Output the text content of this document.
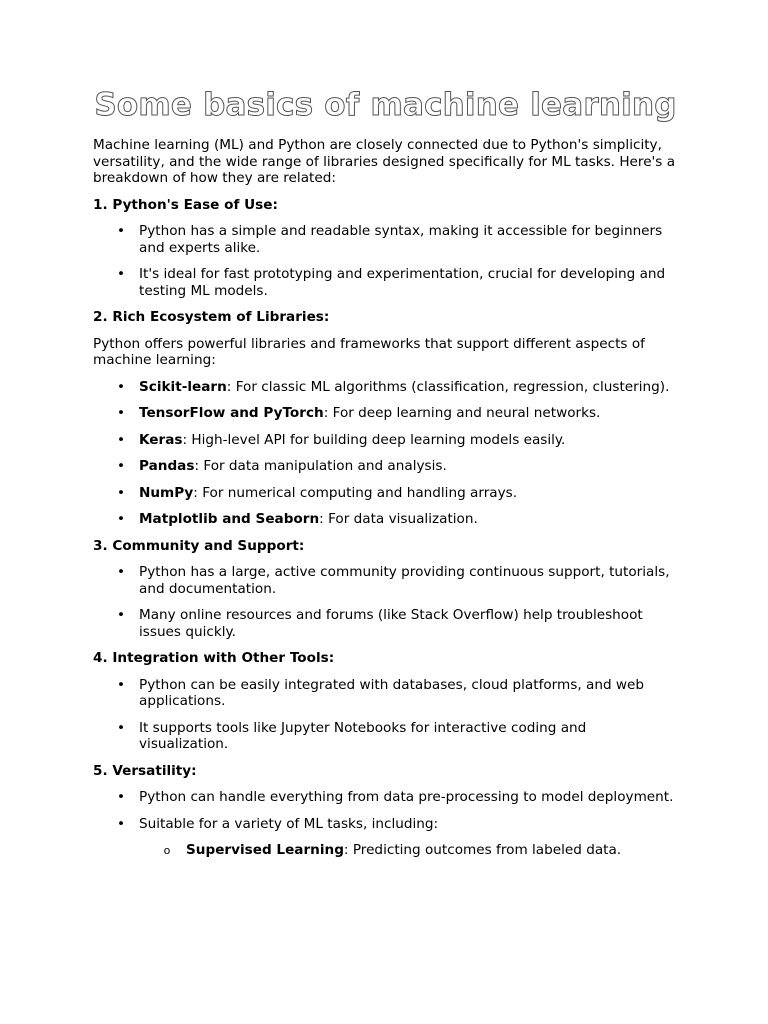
Some basics of machine learning

Machine learning (ML) and Python are closely connected due to Python's simplicity, versatility, and the wide range of libraries designed specifically for ML tasks. Here's a breakdown of how they are related:

1. Python's Ease of Use:
• Python has a simple and readable syntax, making it accessible for beginners and experts alike.
• It's ideal for fast prototyping and experimentation, crucial for developing and testing ML models.
2. Rich Ecosystem of Libraries:

Python offers powerful libraries and frameworks that support different aspects of machine learning:

• Scikit-learn: For classic ML algorithms (classification, regression, clustering).
• TensorFlow and PyTorch: For deep learning and neural networks.
• Keras: High-level API for building deep learning models easily.
• Pandas: For data manipulation and analysis.
• NumPy: For numerical computing and handling arrays.
• Matplotlib and Seaborn: For data visualization.
3. Community and Support:
• Python has a large, active community providing continuous support, tutorials, and documentation.
• Many online resources and forums (like Stack Overflow) help troubleshoot issues quickly.
4. Integration with Other Tools:
• Python can be easily integrated with databases, cloud platforms, and web applications.
• It supports tools like Jupyter Notebooks for interactive coding and visualization.
5. Versatility:
• Python can handle everything from data pre-processing to model deployment.
• Suitable for a variety of ML tasks, including:
o Supervised Learning: Predicting outcomes from labeled data.
